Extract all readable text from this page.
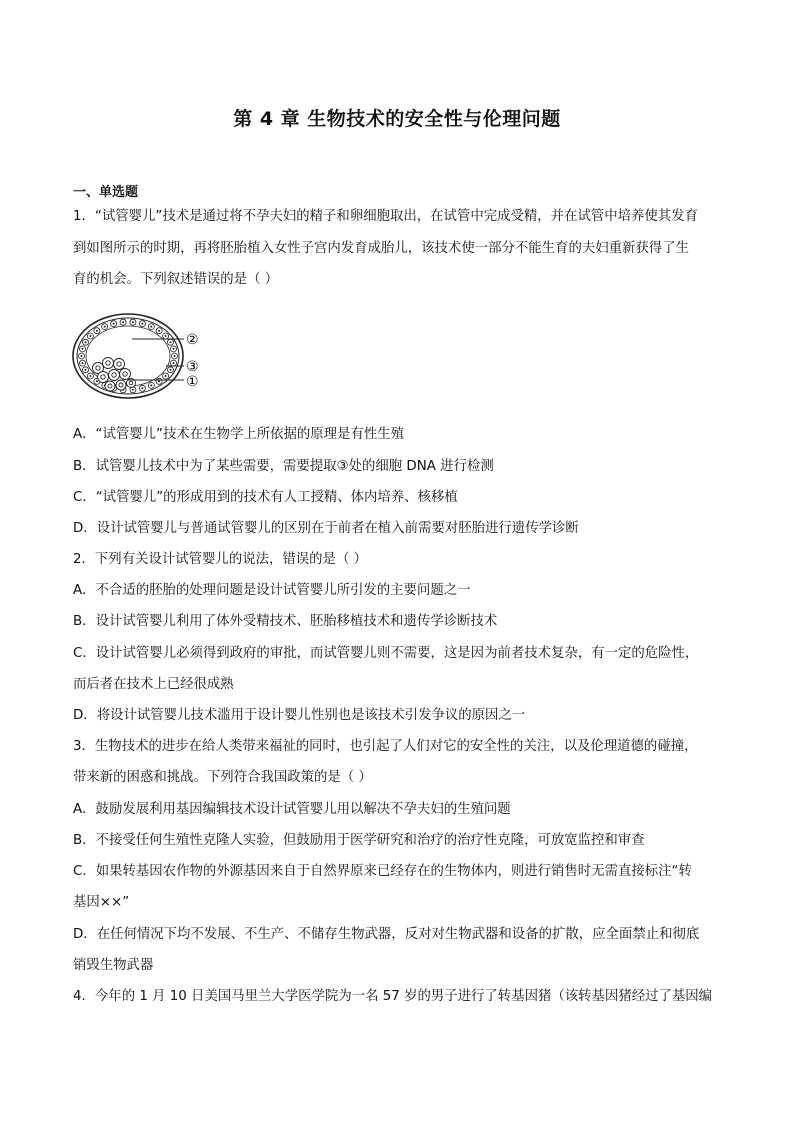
第 4 章 生物技术的安全性与伦理问题
一、单选题
1．“试管婴儿”技术是通过将不孕夫妇的精子和卵细胞取出，在试管中完成受精，并在试管中培养使其发育
到如图所示的时期，再将胚胎植入女性子宫内发育成胎儿，该技术使一部分不能生育的夫妇重新获得了生
育的机会。下列叙述错误的是（ ）
②
③
①
A．“试管婴儿”技术在生物学上所依据的原理是有性生殖
B．试管婴儿技术中为了某些需要，需要提取③处的细胞 DNA 进行检测
C．“试管婴儿”的形成用到的技术有人工授精、体内培养、核移植
D．设计试管婴儿与普通试管婴儿的区别在于前者在植入前需要对胚胎进行遗传学诊断
2．下列有关设计试管婴儿的说法，错误的是（ ）
A．不合适的胚胎的处理问题是设计试管婴儿所引发的主要问题之一
B．设计试管婴儿利用了体外受精技术、胚胎移植技术和遗传学诊断技术
C．设计试管婴儿必须得到政府的审批，而试管婴儿则不需要，这是因为前者技术复杂，有一定的危险性，
而后者在技术上已经很成熟
D．将设计试管婴儿技术滥用于设计婴儿性别也是该技术引发争议的原因之一
3．生物技术的进步在给人类带来福祉的同时，也引起了人们对它的安全性的关注，以及伦理道德的碰撞，
带来新的困惑和挑战。下列符合我国政策的是（ ）
A．鼓励发展利用基因编辑技术设计试管婴儿用以解决不孕夫妇的生殖问题
B．不接受任何生殖性克隆人实验，但鼓励用于医学研究和治疗的治疗性克隆，可放宽监控和审查
C．如果转基因农作物的外源基因来自于自然界原来已经存在的生物体内，则进行销售时无需直接标注“转
基因××”
D．在任何情况下均不发展、不生产、不储存生物武器，反对对生物武器和设备的扩散，应全面禁止和彻底
销毁生物武器
4．今年的 1 月 10 日美国马里兰大学医学院为一名 57 岁的男子进行了转基因猪（该转基因猪经过了基因编
